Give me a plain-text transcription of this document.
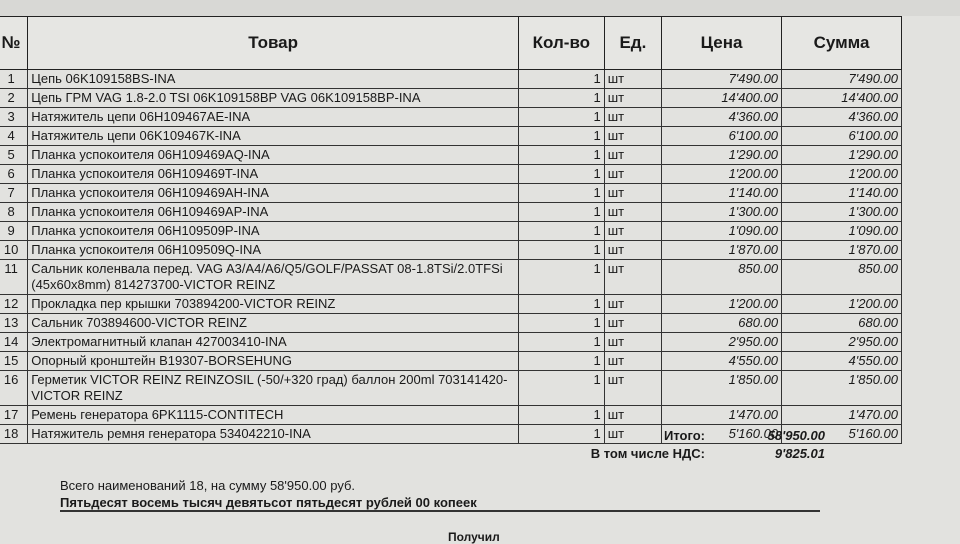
№	Товар	Кол-во	Ед.	Цена	Сумма
1	Цепь 06K109158BS-INA	1	шт	7'490.00	7'490.00
2	Цепь ГРМ VAG 1.8-2.0 TSI 06K109158BP VAG 06K109158BP-INA	1	шт	14'400.00	14'400.00
3	Натяжитель цепи 06H109467AE-INA	1	шт	4'360.00	4'360.00
4	Натяжитель цепи 06K109467K-INA	1	шт	6'100.00	6'100.00
5	Планка успокоителя 06H109469AQ-INA	1	шт	1'290.00	1'290.00
6	Планка успокоителя 06H109469T-INA	1	шт	1'200.00	1'200.00
7	Планка успокоителя 06H109469AH-INA	1	шт	1'140.00	1'140.00
8	Планка успокоителя 06H109469AP-INA	1	шт	1'300.00	1'300.00
9	Планка успокоителя 06H109509P-INA	1	шт	1'090.00	1'090.00
10	Планка успокоителя 06H109509Q-INA	1	шт	1'870.00	1'870.00
11	Сальник коленвала перед. VAG A3/A4/A6/Q5/GOLF/PASSAT 08-1.8TSi/2.0TFSi (45x60x8mm) 814273700-VICTOR REINZ	1	шт	850.00	850.00
12	Прокладка пер крышки 703894200-VICTOR REINZ	1	шт	1'200.00	1'200.00
13	Сальник 703894600-VICTOR REINZ	1	шт	680.00	680.00
14	Электромагнитный клапан 427003410-INA	1	шт	2'950.00	2'950.00
15	Опорный кронштейн B19307-BORSEHUNG	1	шт	4'550.00	4'550.00
16	Герметик VICTOR REINZ REINZOSIL (-50/+320 град) баллон 200ml 703141420-VICTOR REINZ	1	шт	1'850.00	1'850.00
17	Ремень генератора 6PK1115-CONTITECH	1	шт	1'470.00	1'470.00
18	Натяжитель ремня генератора 534042210-INA	1	шт	5'160.00	5'160.00
Итого:	58'950.00
В том числе НДС:	9'825.01
Всего наименований 18, на сумму 58'950.00 руб.
Пятьдесят восемь тысяч девятьсот пятьдесят рублей 00 копеек
Получил
